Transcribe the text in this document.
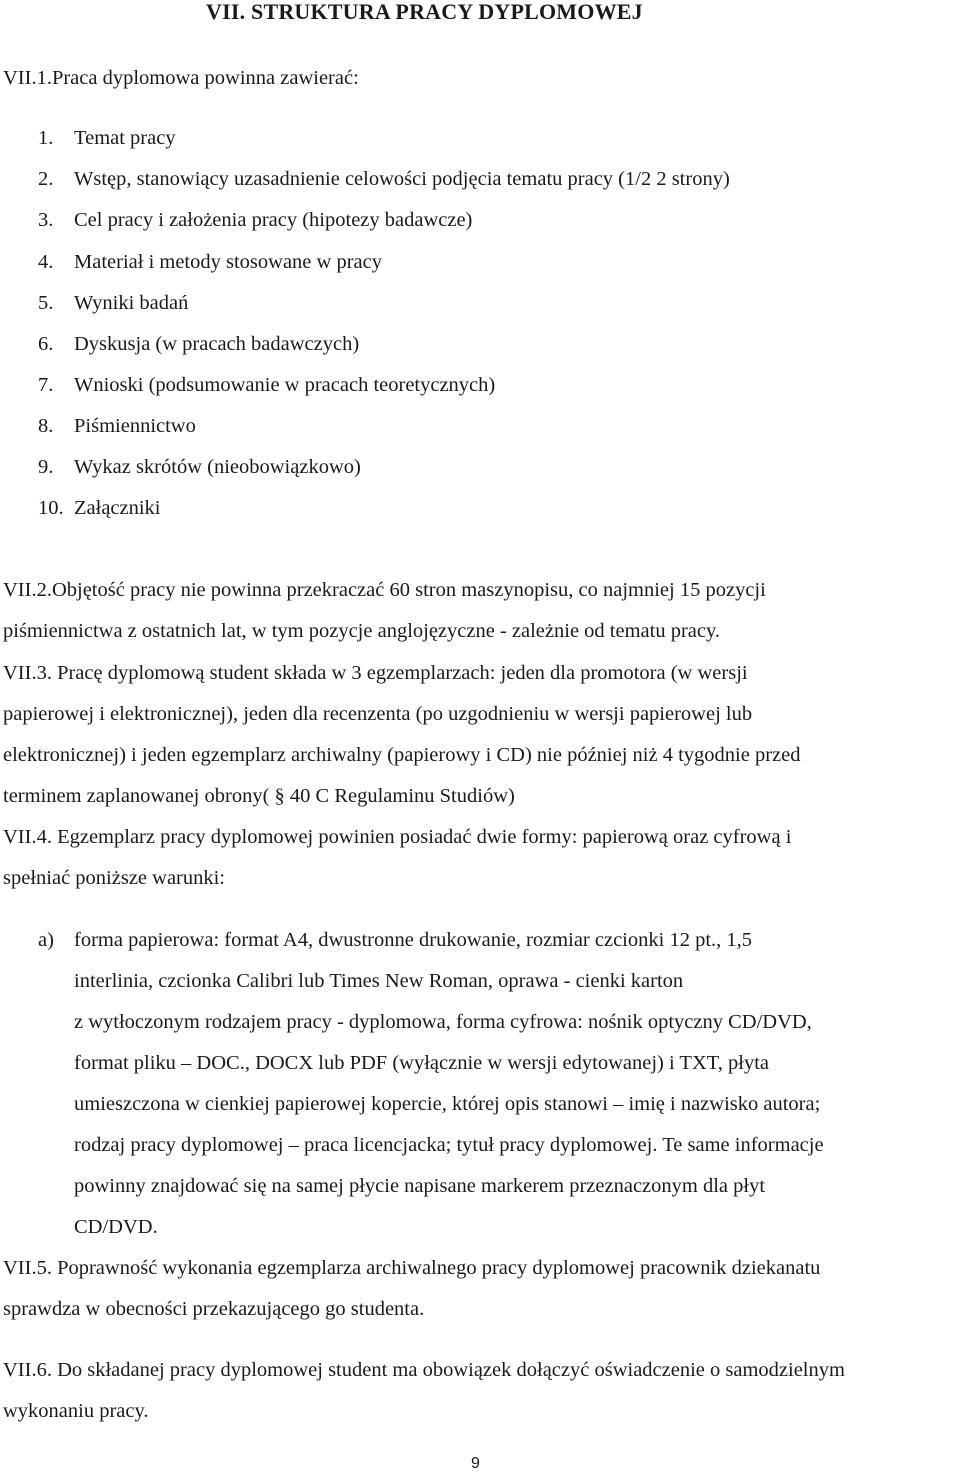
VII. STRUKTURA PRACY DYPLOMOWEJ
VII.1.Praca dyplomowa powinna zawierać:
1. Temat pracy
2. Wstęp, stanowiący uzasadnienie celowości podjęcia tematu pracy (1/2 2 strony)
3. Cel pracy i założenia pracy (hipotezy badawcze)
4. Materiał i metody stosowane w pracy
5. Wyniki badań
6. Dyskusja (w pracach badawczych)
7. Wnioski (podsumowanie w pracach teoretycznych)
8. Piśmiennictwo
9. Wykaz skrótów (nieobowiązkowo)
10. Załączniki
VII.2.Objętość pracy nie powinna przekraczać 60 stron maszynopisu, co najmniej 15 pozycji
piśmiennictwa z ostatnich lat, w tym pozycje anglojęzyczne - zależnie od tematu pracy.
VII.3. Pracę dyplomową student składa w 3 egzemplarzach: jeden dla promotora (w wersji
papierowej i elektronicznej), jeden dla recenzenta (po uzgodnieniu w wersji papierowej lub
elektronicznej) i jeden egzemplarz archiwalny (papierowy i CD) nie później niż 4 tygodnie przed
terminem zaplanowanej obrony( § 40 C Regulaminu Studiów)
VII.4. Egzemplarz pracy dyplomowej powinien posiadać dwie formy: papierową oraz cyfrową i
spełniać poniższe warunki:
a) forma papierowa: format A4, dwustronne drukowanie, rozmiar czcionki 12 pt., 1,5
interlinia, czcionka Calibri lub Times New Roman, oprawa - cienki karton
z wytłoczonym rodzajem pracy - dyplomowa, forma cyfrowa: nośnik optyczny CD/DVD,
format pliku – DOC., DOCX lub PDF (wyłącznie w wersji edytowanej) i TXT, płyta
umieszczona w cienkiej papierowej kopercie, której opis stanowi – imię i nazwisko autora;
rodzaj pracy dyplomowej – praca licencjacka; tytuł pracy dyplomowej. Te same informacje
powinny znajdować się na samej płycie napisane markerem przeznaczonym dla płyt
CD/DVD.
VII.5. Poprawność wykonania egzemplarza archiwalnego pracy dyplomowej pracownik dziekanatu
sprawdza w obecności przekazującego go studenta.
VII.6. Do składanej pracy dyplomowej student ma obowiązek dołączyć oświadczenie o samodzielnym
wykonaniu pracy.
9
